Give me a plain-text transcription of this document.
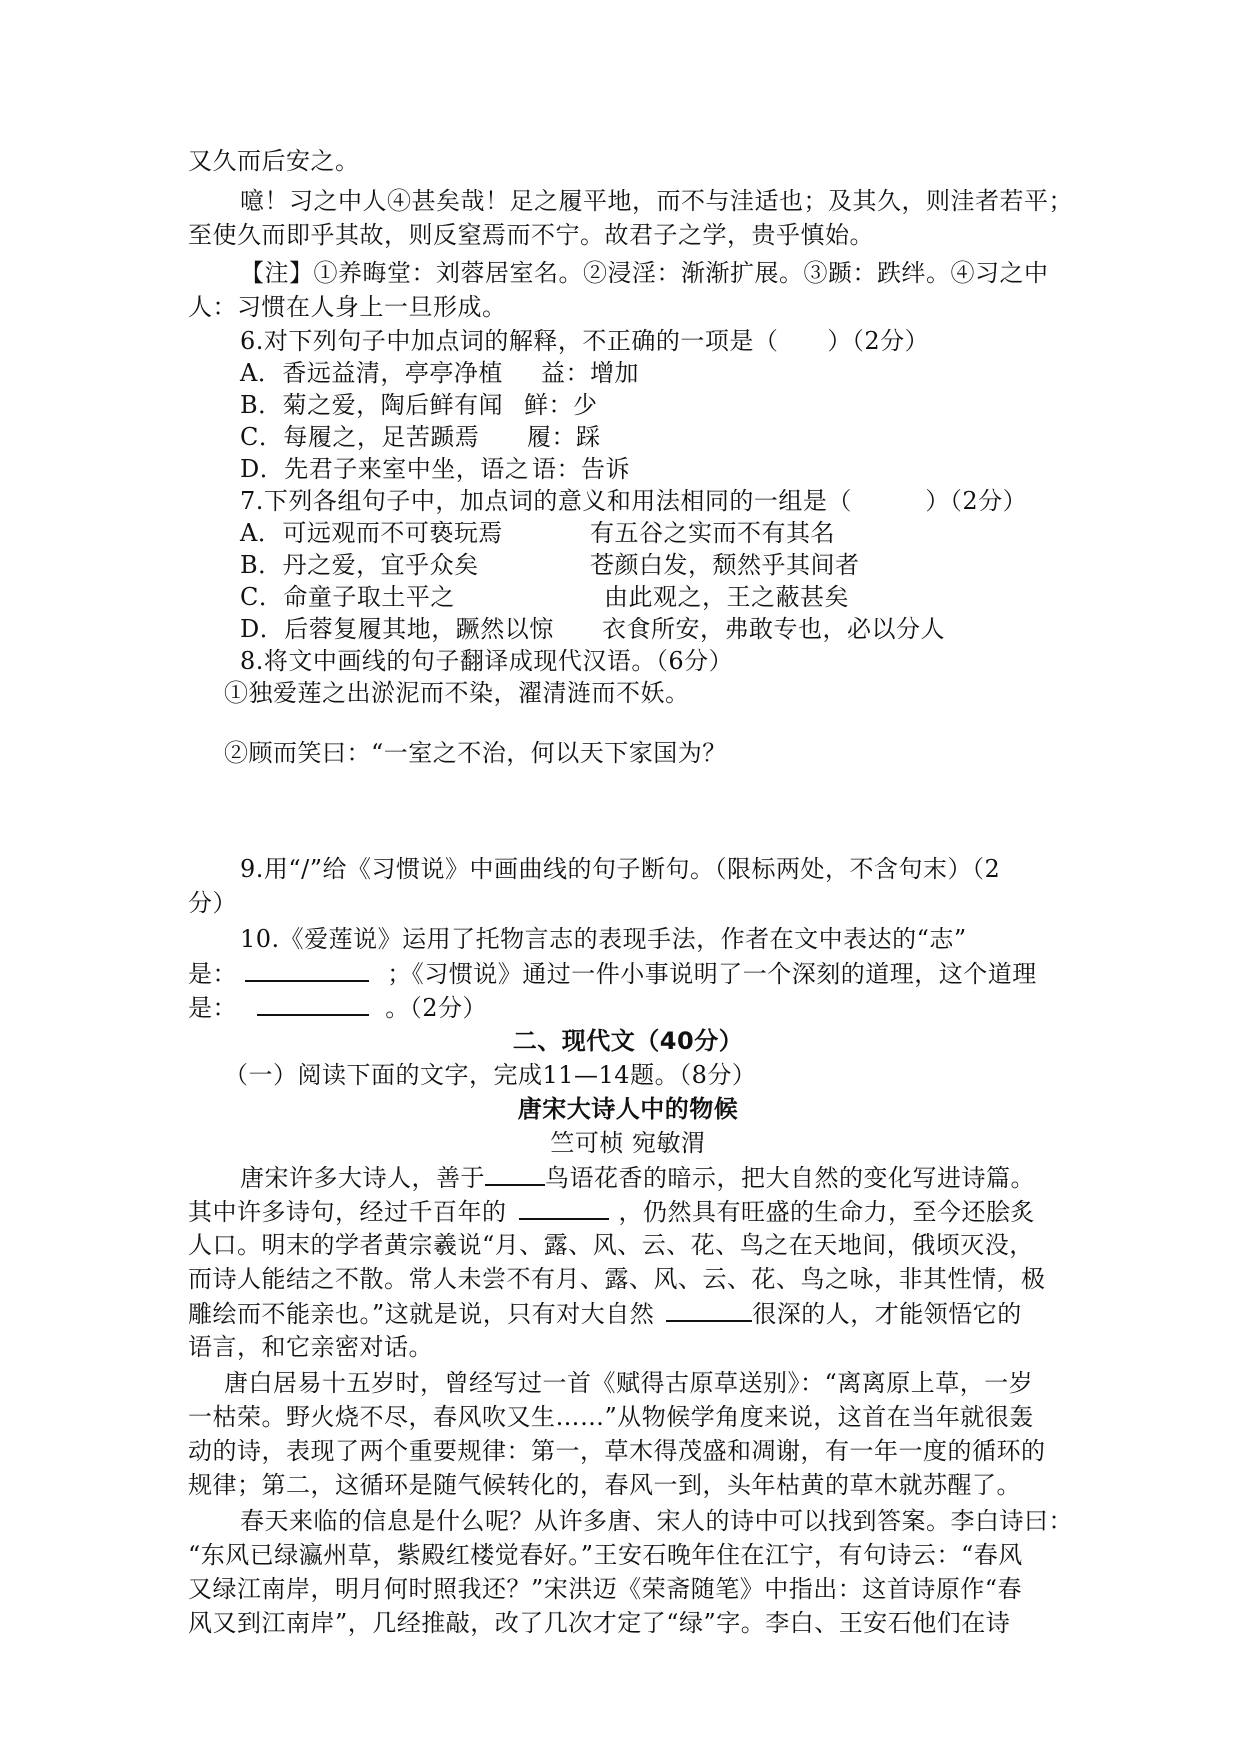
又久而后安之。
噫！习之中人④甚矣哉！足之履平地，而不与洼适也；及其久，则洼者若平；
至使久而即乎其故，则反窒焉而不宁。故君子之学，贵乎慎始。
【注】①养晦堂：刘蓉居室名。②浸淫：渐渐扩展。③踬：跌绊。④习之中
人：习惯在人身上一旦形成。
6.对下列句子中加点词的解释，不正确的一项是（　　）（2分）
A．香远益清，亭亭净植 益：增加
B．菊之爱，陶后鲜有闻 鲜：少
C．每履之，足苦踬焉 履：踩
D．先君子来室中坐，语之 语：告诉
7.下列各组句子中，加点词的意义和用法相同的一组是（　　　）（2分）
A．可远观而不可亵玩焉	有五谷之实而不有其名
B．丹之爱，宜乎众矣	苍颜白发，颓然乎其间者
C．命童子取土平之	由此观之，王之蔽甚矣
D．后蓉复履其地，蹶然以惊 衣食所安，弗敢专也，必以分人
8.将文中画线的句子翻译成现代汉语。（6分）
①独爱莲之出淤泥而不染，濯清涟而不妖。
②顾而笑曰：“一室之不治，何以天下家国为？
9.用“/”给《习惯说》中画曲线的句子断句。（限标两处，不含句末）（2
分）
10.《爱莲说》运用了托物言志的表现手法，作者在文中表达的“志”
是：	；《习惯说》通过一件小事说明了一个深刻的道理，这个道理
是：	。（2分）
二、现代文（40分）
（一）阅读下面的文字，完成11—14题。（8分）
唐宋大诗人中的物候
竺可桢 宛敏渭
唐宋许多大诗人，善于	鸟语花香的暗示，把大自然的变化写进诗篇。
其中许多诗句，经过千百年的	，仍然具有旺盛的生命力，至今还脍炙
人口。明末的学者黄宗羲说“月、露、风、云、花、鸟之在天地间，俄顷灭没，
而诗人能结之不散。常人未尝不有月、露、风、云、花、鸟之咏，非其性情，极
雕绘而不能亲也。”这就是说，只有对大自然	很深的人，才能领悟它的
语言，和它亲密对话。
唐白居易十五岁时，曾经写过一首《赋得古原草送别》：“离离原上草，一岁
一枯荣。野火烧不尽，春风吹又生……”从物候学角度来说，这首在当年就很轰
动的诗，表现了两个重要规律：第一，草木得茂盛和凋谢，有一年一度的循环的
规律；第二，这循环是随气候转化的，春风一到，头年枯黄的草木就苏醒了。
春天来临的信息是什么呢？从许多唐、宋人的诗中可以找到答案。李白诗曰：
“东风已绿瀛州草，紫殿红楼觉春好。”王安石晚年住在江宁，有句诗云：“春风
又绿江南岸，明月何时照我还？”宋洪迈《荣斋随笔》中指出：这首诗原作“春
风又到江南岸”，几经推敲，改了几次才定了“绿”字。李白、王安石他们在诗
